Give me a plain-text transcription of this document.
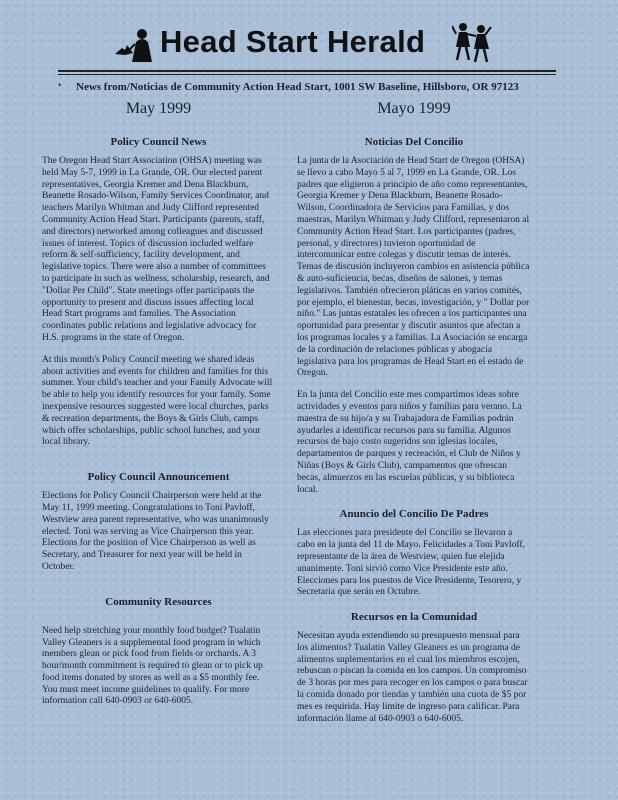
Head Start Herald
• News from/Noticias de Community Action Head Start, 1001 SW Baseline, Hillsboro, OR 97123
May 1999
Policy Council News

The Oregon Head Start Association (OHSA) meeting was held May 5-7, 1999 in La Grande, OR. Our elected parent representatives, Georgia Kremer and Dena Blackburn, Beanette Rosado-Wilson, Family Services Coordinator, and teachers Marilyn Whitman and Judy Clifford represented Community Action Head Start. Participants (parents, staff, and directors) networked among colleagues and discussed issues of interest. Topics of discussion included welfare reform & self-sufficiency, facility development, and legislative topics. There were also a number of committees to participate in such as wellness, scholarship, research, and "Dollar Per Child". State meetings offer participants the opportunity to present and discuss issues affecting local Head Start programs and families. The Association coordinates public relations and legislative advocacy for H.S. programs in the state of Oregon.

At this month's Policy Council meeting we shared ideas about activities and events for children and families for this summer. Your child's teacher and your Family Advocate will be able to help you identify resources for your family. Some inexpensive resources suggested were local churches, parks & recreation departments, the Boys & Girls Club, camps which offer scholarships, public school lunches, and your local library.

Policy Council Announcement

Elections for Policy Council Chairperson were held at the May 11, 1999 meeting. Congratulations to Toni Pavloff, Westview area parent representative, who was unanimously elected. Toni was serving as Vice Chairperson this year. Elections for the position of Vice Chairperson as well as Secretary, and Treasurer for next year will be held in October.

Community Resources

Need help stretching your monthly food budget? Tualatin Valley Gleaners is a supplemental food program in which members glean or pick food from fields or orchards. A 3 hour/month commitment is required to glean or to pick up food items donated by stores as well as a $5 monthly fee. You must meet income guidelines to qualify. For more information call 640-0903 or 640-6005.

Mayo 1999
Noticias Del Concilio

La junta de la Asociación de Head Start de Oregon (OHSA) se llevo a cabo Mayo 5 al 7, 1999 en La Grande, OR. Los padres que eligieron a principio de año como representantes, Georgia Kremer y Dena Blackburn, Beanette Rosado-Wilson, Coordinadora de Servicios para Familias, y dos maestras, Marilyn Whitman y Judy Clifford, representaron al Community Action Head Start. Los participantes (padres, personal, y directores) tuvieron oportunidad de intercomunicar entre colegas y discutir temas de interés. Temas de discusión incluyeron cambios en asistencia pública & auto-suficiencia, becas, diseños de salones, y temas legislativos. También ofrecieron pláticas en varios comités, por ejemplo, el bienestar, becas, investigación, y " Dollar por niño." Las juntas estatales les ofrecen a los participantes una oportunidad para presentar y discutir asuntos que afectan a los programas locales y a familias. La Asociación se encarga de la cordinación de relaciones públicas y abogacía legislativa para los programas de Head Start en el estado de Oregon.

En la junta del Concilio este mes compartimos ideas sobre actividades y eventos para niños y familias para verano. La maestra de su hijo/a y su Trabajadora de Familias podrán ayudarles a identificar recursos para su familia. Algunos recursos de bajo costo sugeridos son iglesias locales, departamentos de parques y recreación, el Club de Niños y Niñas (Boys & Girls Club), campamentos que ofrescan becas, almuerzos en las escuelas públicas, y su biblioteca local.

Anuncio del Concilio De Padres

Las elecciones para presidente del Concilio se llevaron a cabo en la junta del 11 de Mayo. Felicidades a Toni Pavloff, representante de la área de Westview, quien fue elejida unanimente. Toni sirvió como Vice Presidente este año. Elecciones para los puestos de Vice Presidente, Tesorero, y Secretaria que serán en Octubre.

Recursos en la Comunidad

Necesitan ayuda extendiendo su presupuesto mensual para los alimentos? Tualatin Valley Gleaners es un programa de alimentos suplementarios en el cual los miembros escojen, rebuscan o piscan la comida en los campos. Un compromiso de 3 horas por mes para recoger en los campos o para buscar la comida donado por tiendas y también una cuota de $5 por mes es requirida. Hay limite de ingreso para calificar. Para información llame al 640-0903 o 640-6005.
